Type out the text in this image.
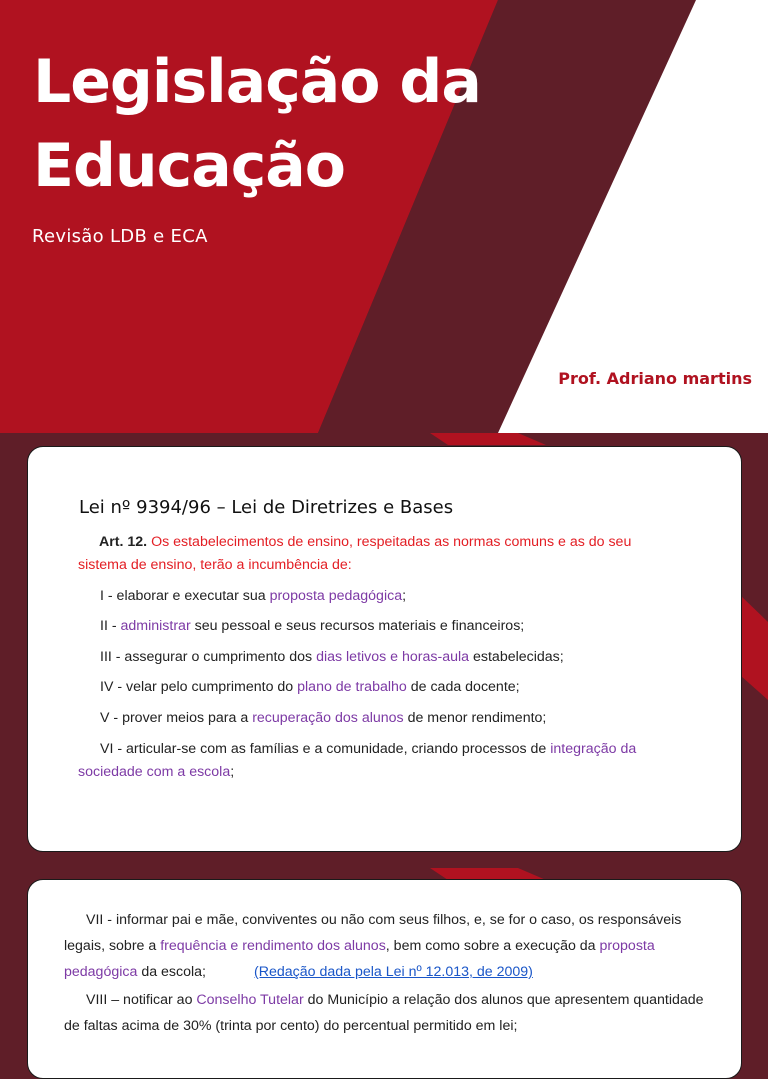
Legislação da
Educação
Revisão LDB e ECA
Prof. Adriano martins
Lei nº 9394/96 – Lei de Diretrizes e Bases

Art. 12. Os estabelecimentos de ensino, respeitadas as normas comuns e as do seu sistema de ensino, terão a incumbência de:

I - elaborar e executar sua proposta pedagógica;

II - administrar seu pessoal e seus recursos materiais e financeiros;

III - assegurar o cumprimento dos dias letivos e horas-aula estabelecidas;

IV - velar pelo cumprimento do plano de trabalho de cada docente;

V - prover meios para a recuperação dos alunos de menor rendimento;

VI - articular-se com as famílias e a comunidade, criando processos de integração da sociedade com a escola;

VII - informar pai e mãe, conviventes ou não com seus filhos, e, se for o caso, os responsáveis legais, sobre a frequência e rendimento dos alunos, bem como sobre a execução da proposta pedagógica da escola;	(Redação dada pela Lei nº 12.013, de 2009)

VIII – notificar ao Conselho Tutelar do Município a relação dos alunos que apresentem quantidade de faltas acima de 30% (trinta por cento) do percentual permitido em lei;
